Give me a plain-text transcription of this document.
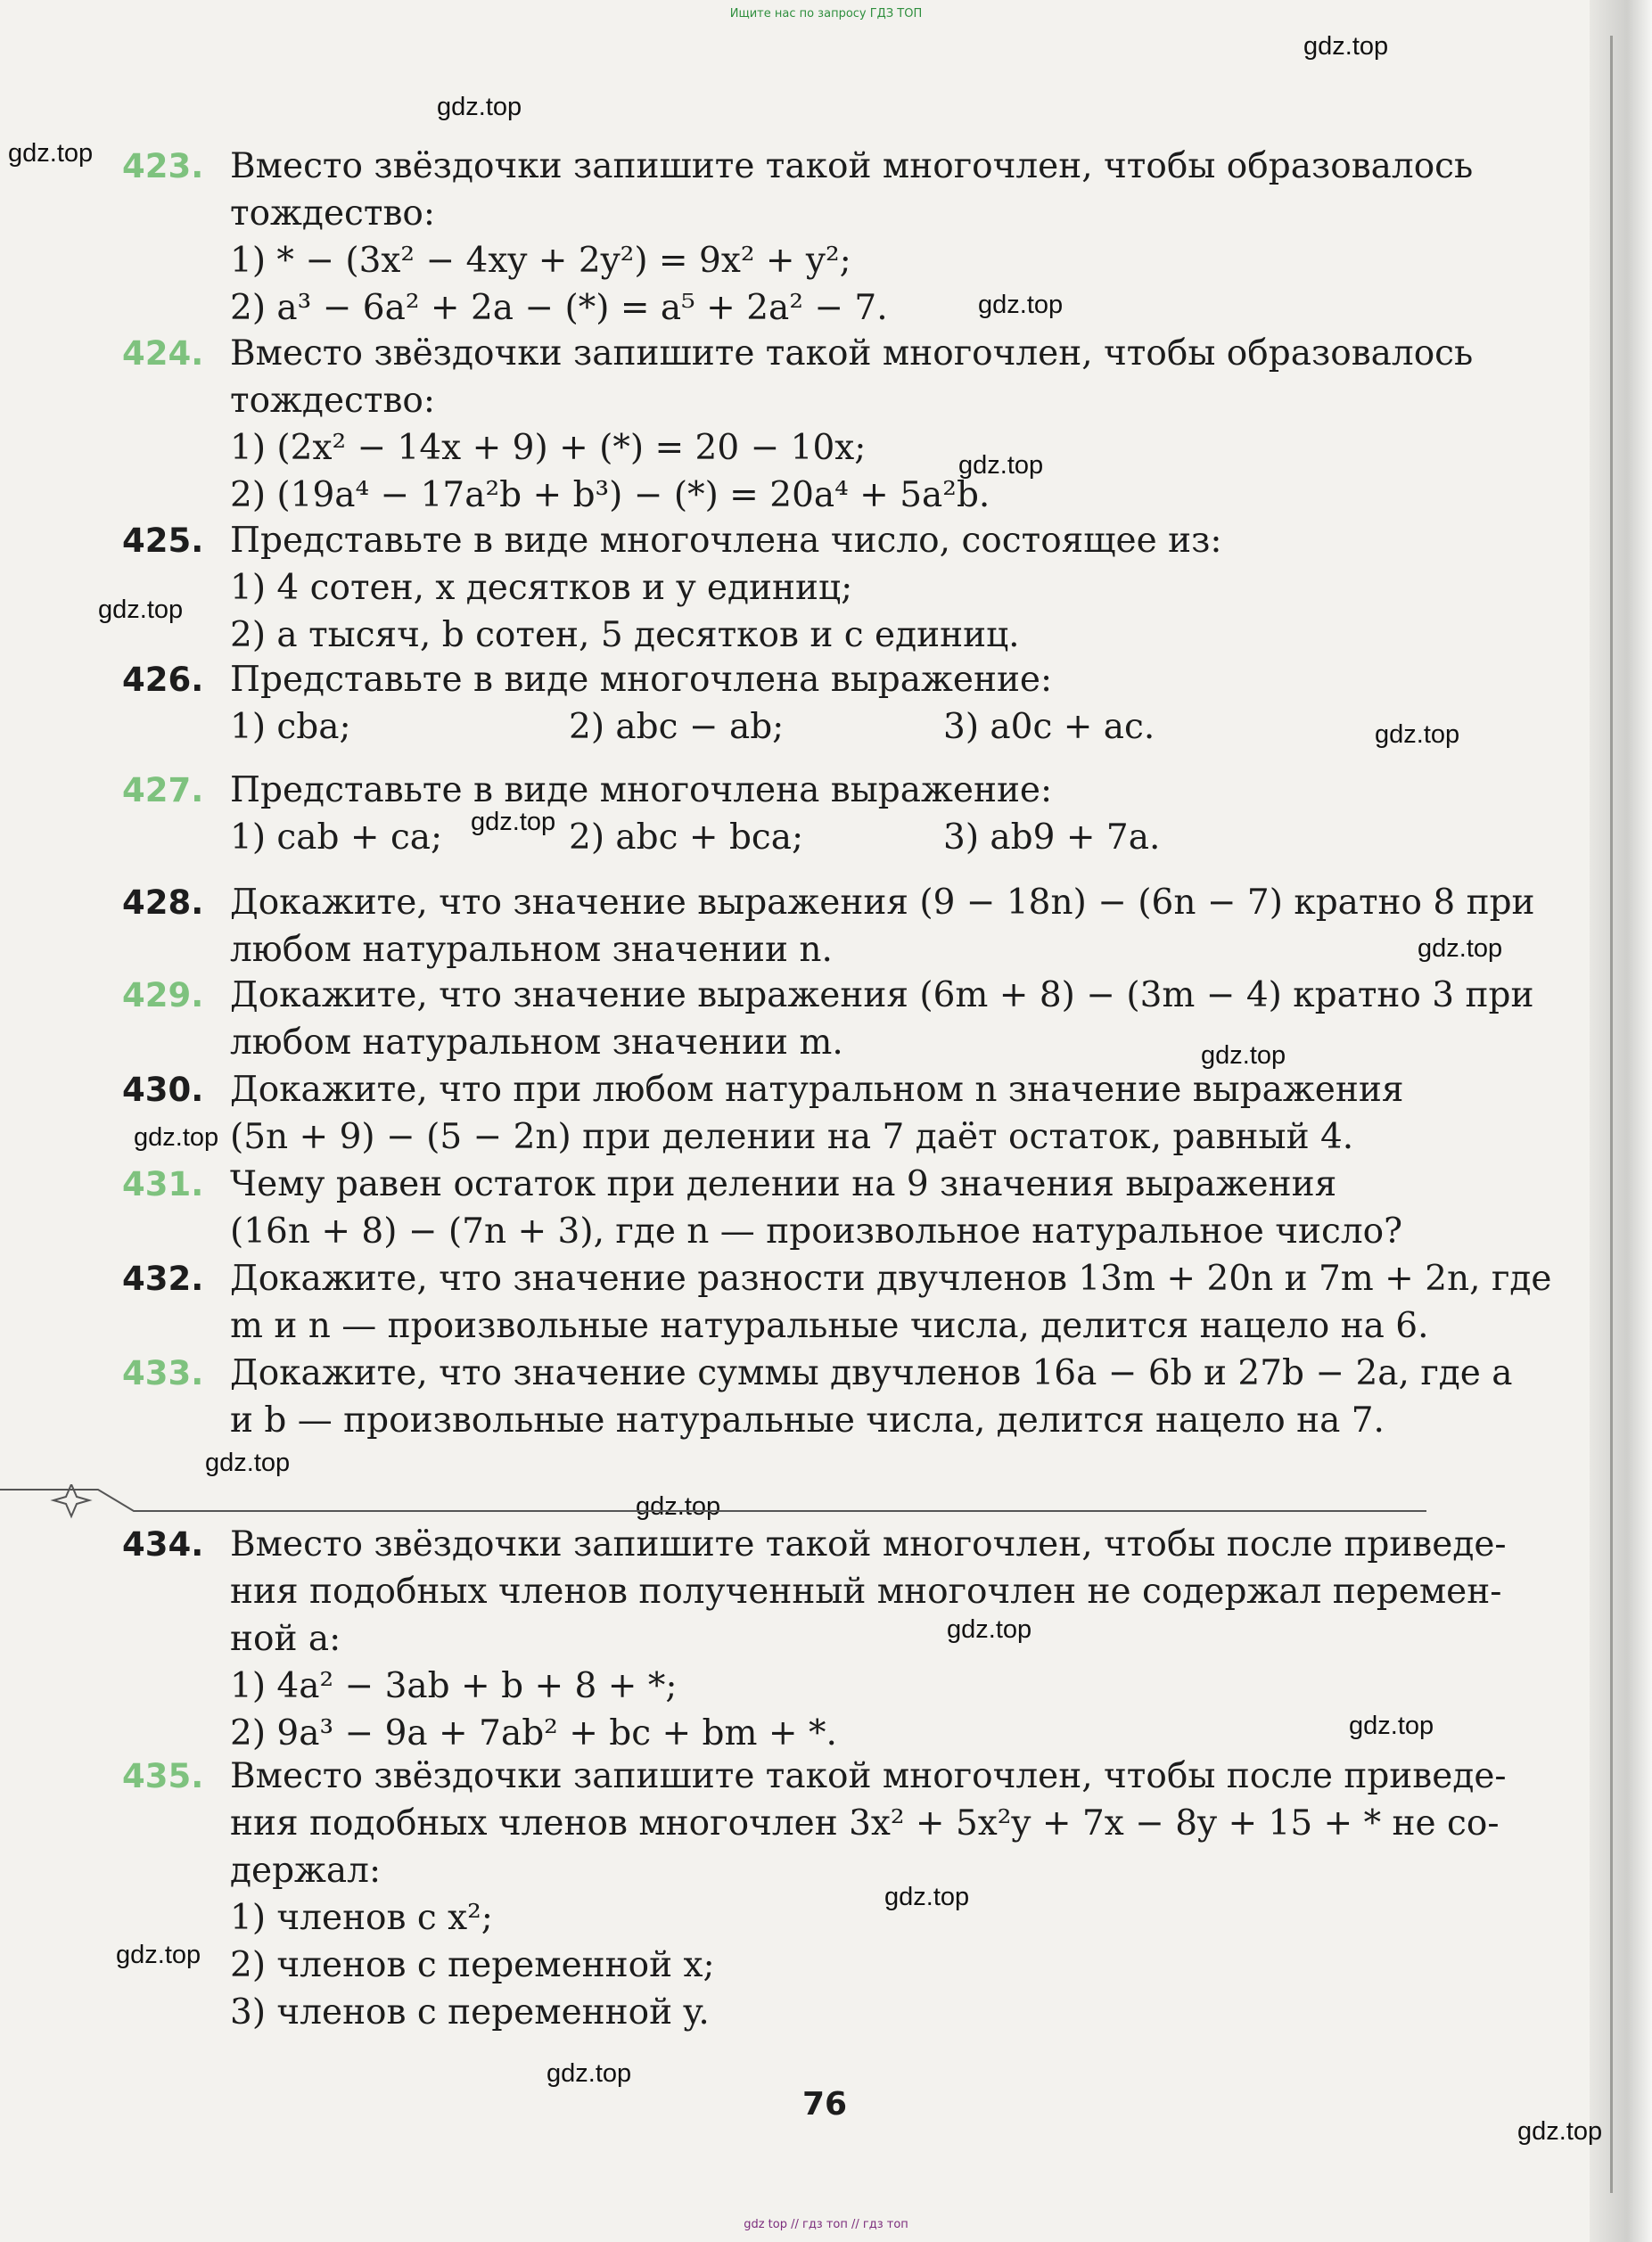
Ищите нас по запросу ГДЗ ТОП
gdz.top
gdz.top
gdz.top
gdz.top
gdz.top
gdz.top
gdz.top
gdz.top
gdz.top
gdz.top
gdz.top
gdz.top
gdz.top
gdz.top
gdz.top
gdz.top
gdz.top
gdz.top
gdz.top
423. Вместо звёздочки запишите такой многочлен, чтобы образовалось
тождество:
1) * − (3x² − 4xy + 2y²) = 9x² + y²;
2) a³ − 6a² + 2a − (*) = a⁵ + 2a² − 7.
424. Вместо звёздочки запишите такой многочлен, чтобы образовалось
тождество:
1) (2x² − 14x + 9) + (*) = 20 − 10x;
2) (19a⁴ − 17a²b + b³) − (*) = 20a⁴ + 5a²b.
425. Представьте в виде многочлена число, состоящее из:
1) 4 сотен, x десятков и y единиц;
2) a тысяч, b сотен, 5 десятков и c единиц.
426. Представьте в виде многочлена выражение:
1) cba;	2) abc − ab;	3) a0c + ac.
427. Представьте в виде многочлена выражение:
1) cab + ca;	2) abc + bca;	3) ab9 + 7a.
428. Докажите, что значение выражения (9 − 18n) − (6n − 7) кратно 8 при
любом натуральном значении n.
429. Докажите, что значение выражения (6m + 8) − (3m − 4) кратно 3 при
любом натуральном значении m.
430. Докажите, что при любом натуральном n значение выражения
(5n + 9) − (5 − 2n) при делении на 7 даёт остаток, равный 4.
431. Чему равен остаток при делении на 9 значения выражения
(16n + 8) − (7n + 3), где n — произвольное натуральное число?
432. Докажите, что значение разности двучленов 13m + 20n и 7m + 2n, где
m и n — произвольные натуральные числа, делится нацело на 6.
433. Докажите, что значение суммы двучленов 16a − 6b и 27b − 2a, где a
и b — произвольные натуральные числа, делится нацело на 7.
434. Вместо звёздочки запишите такой многочлен, чтобы после приведе-
ния подобных членов полученный многочлен не содержал перемен-
ной a:
1) 4a² − 3ab + b + 8 + *;
2) 9a³ − 9a + 7ab² + bc + bm + *.
435. Вместо звёздочки запишите такой многочлен, чтобы после приведе-
ния подобных членов многочлен 3x² + 5x²y + 7x − 8y + 15 + * не со-
держал:
1) членов с x²;
2) членов с переменной x;
3) членов с переменной y.
76
gdz top // гдз топ // гдз топ
